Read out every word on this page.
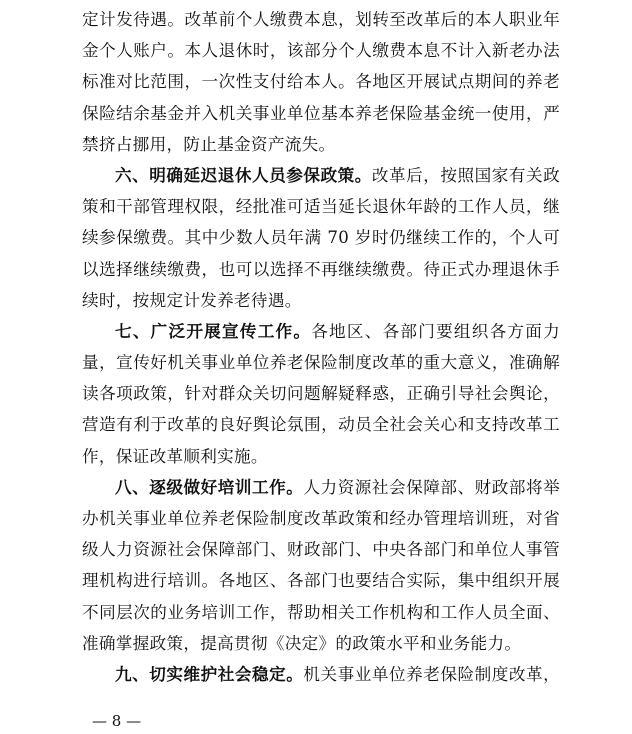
定计发待遇。改革前个人缴费本息，划转至改革后的本人职业年
金个人账户。本人退休时，该部分个人缴费本息不计入新老办法
标准对比范围，一次性支付给本人。各地区开展试点期间的养老
保险结余基金并入机关事业单位基本养老保险基金统一使用，严
禁挤占挪用，防止基金资产流失。
六、明确延迟退休人员参保政策。改革后，按照国家有关政
策和干部管理权限，经批准可适当延长退休年龄的工作人员，继
续参保缴费。其中少数人员年满 70 岁时仍继续工作的，个人可
以选择继续缴费，也可以选择不再继续缴费。待正式办理退休手
续时，按规定计发养老待遇。
七、广泛开展宣传工作。各地区、各部门要组织各方面力
量，宣传好机关事业单位养老保险制度改革的重大意义，准确解
读各项政策，针对群众关切问题解疑释惑，正确引导社会舆论，
营造有利于改革的良好舆论氛围，动员全社会关心和支持改革工
作，保证改革顺利实施。
八、逐级做好培训工作。人力资源社会保障部、财政部将举
办机关事业单位养老保险制度改革政策和经办管理培训班，对省
级人力资源社会保障部门、财政部门、中央各部门和单位人事管
理机构进行培训。各地区、各部门也要结合实际，集中组织开展
不同层次的业务培训工作，帮助相关工作机构和工作人员全面、
准确掌握政策，提高贯彻《决定》的政策水平和业务能力。
九、切实维护社会稳定。机关事业单位养老保险制度改革，
— 8 —
